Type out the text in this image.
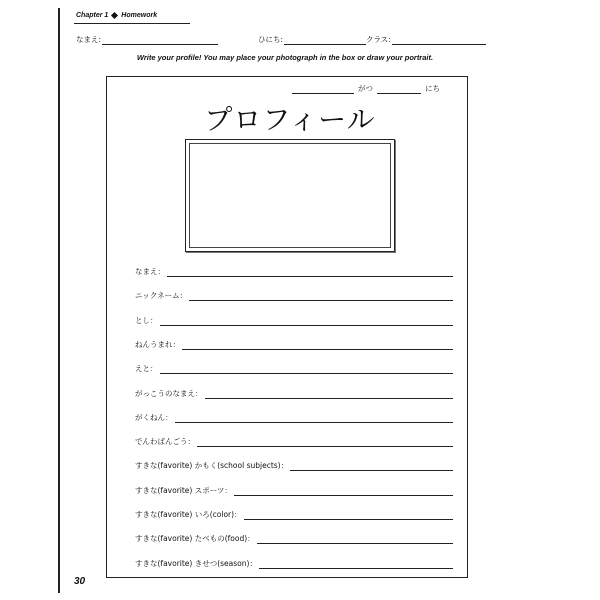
Chapter 1 Homework
なまえ:	ひにち:	クラス:
Write your profile! You may place your photograph in the box or draw your portrait.
がつ	にち
プロフィール
なまえ：
ニックネーム：
とし：
ねんうまれ：
えと：
がっこうのなまえ：
がくねん：
でんわばんごう：
すきな(favorite) かもく(school subjects)：
すきな(favorite) スポーツ：
すきな(favorite) いろ(color)：
すきな(favorite) たべもの(food)：
すきな(favorite) きせつ(season)：
30
